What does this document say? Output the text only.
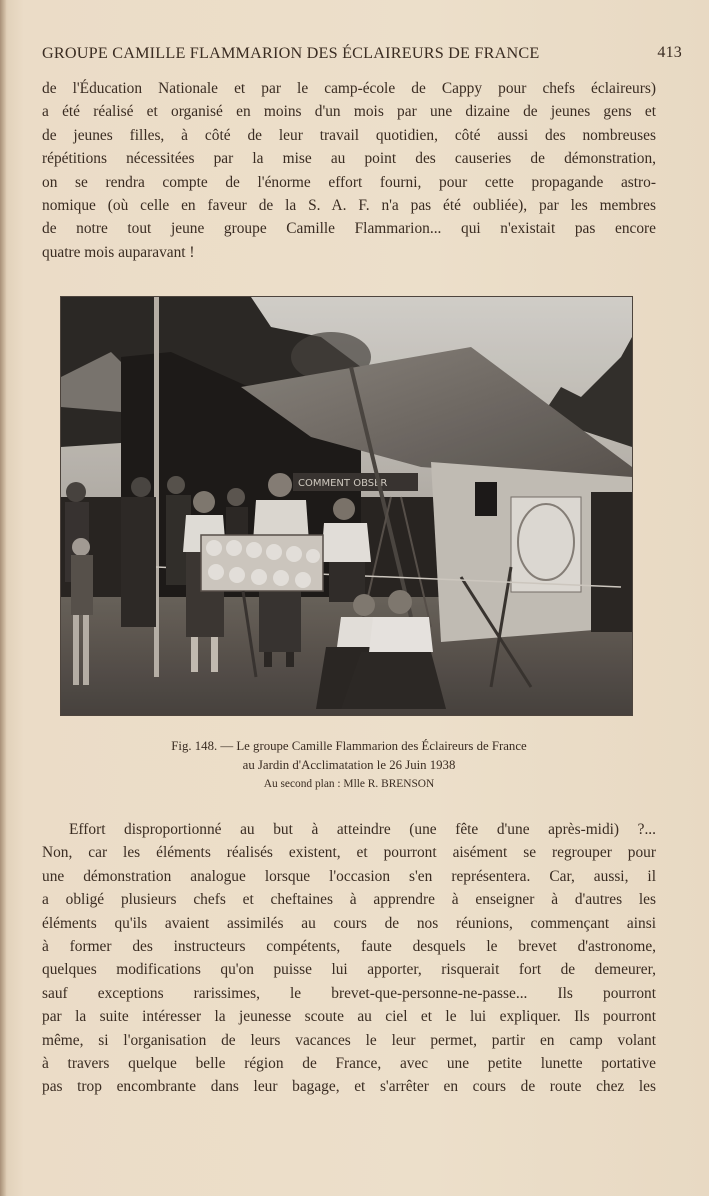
GROUPE CAMILLE FLAMMARION DES ÉCLAIREURS DE FRANCE	413
de l'Éducation Nationale et par le camp-école de Cappy pour chefs éclaireurs)
a été réalisé et organisé en moins d'un mois par une dizaine de jeunes gens et
de jeunes filles, à côté de leur travail quotidien, côté aussi des nombreuses
répétitions nécessitées par la mise au point des causeries de démonstration,
on se rendra compte de l'énorme effort fourni, pour cette propagande astro-
nomique (où celle en faveur de la S. A. F. n'a pas été oubliée), par les membres
de notre tout jeune groupe Camille Flammarion... qui n'existait pas encore
quatre mois auparavant !
COMMENT OBSER
Fig. 148. — Le groupe Camille Flammarion des Éclaireurs de France
au Jardin d'Acclimatation le 26 Juin 1938
Au second plan : Mlle R. BRENSON
Effort disproportionné au but à atteindre (une fête d'une après-midi) ?...
Non, car les éléments réalisés existent, et pourront aisément se regrouper pour
une démonstration analogue lorsque l'occasion s'en représentera. Car, aussi, il
a obligé plusieurs chefs et cheftaines à apprendre à enseigner à d'autres les
éléments qu'ils avaient assimilés au cours de nos réunions, commençant ainsi
à former des instructeurs compétents, faute desquels le brevet d'astronome,
quelques modifications qu'on puisse lui apporter, risquerait fort de demeurer,
sauf exceptions rarissimes, le brevet-que-personne-ne-passe... Ils pourront
par la suite intéresser la jeunesse scoute au ciel et le lui expliquer. Ils pourront
même, si l'organisation de leurs vacances le leur permet, partir en camp volant
à travers quelque belle région de France, avec une petite lunette portative
pas trop encombrante dans leur bagage, et s'arrêter en cours de route chez les
